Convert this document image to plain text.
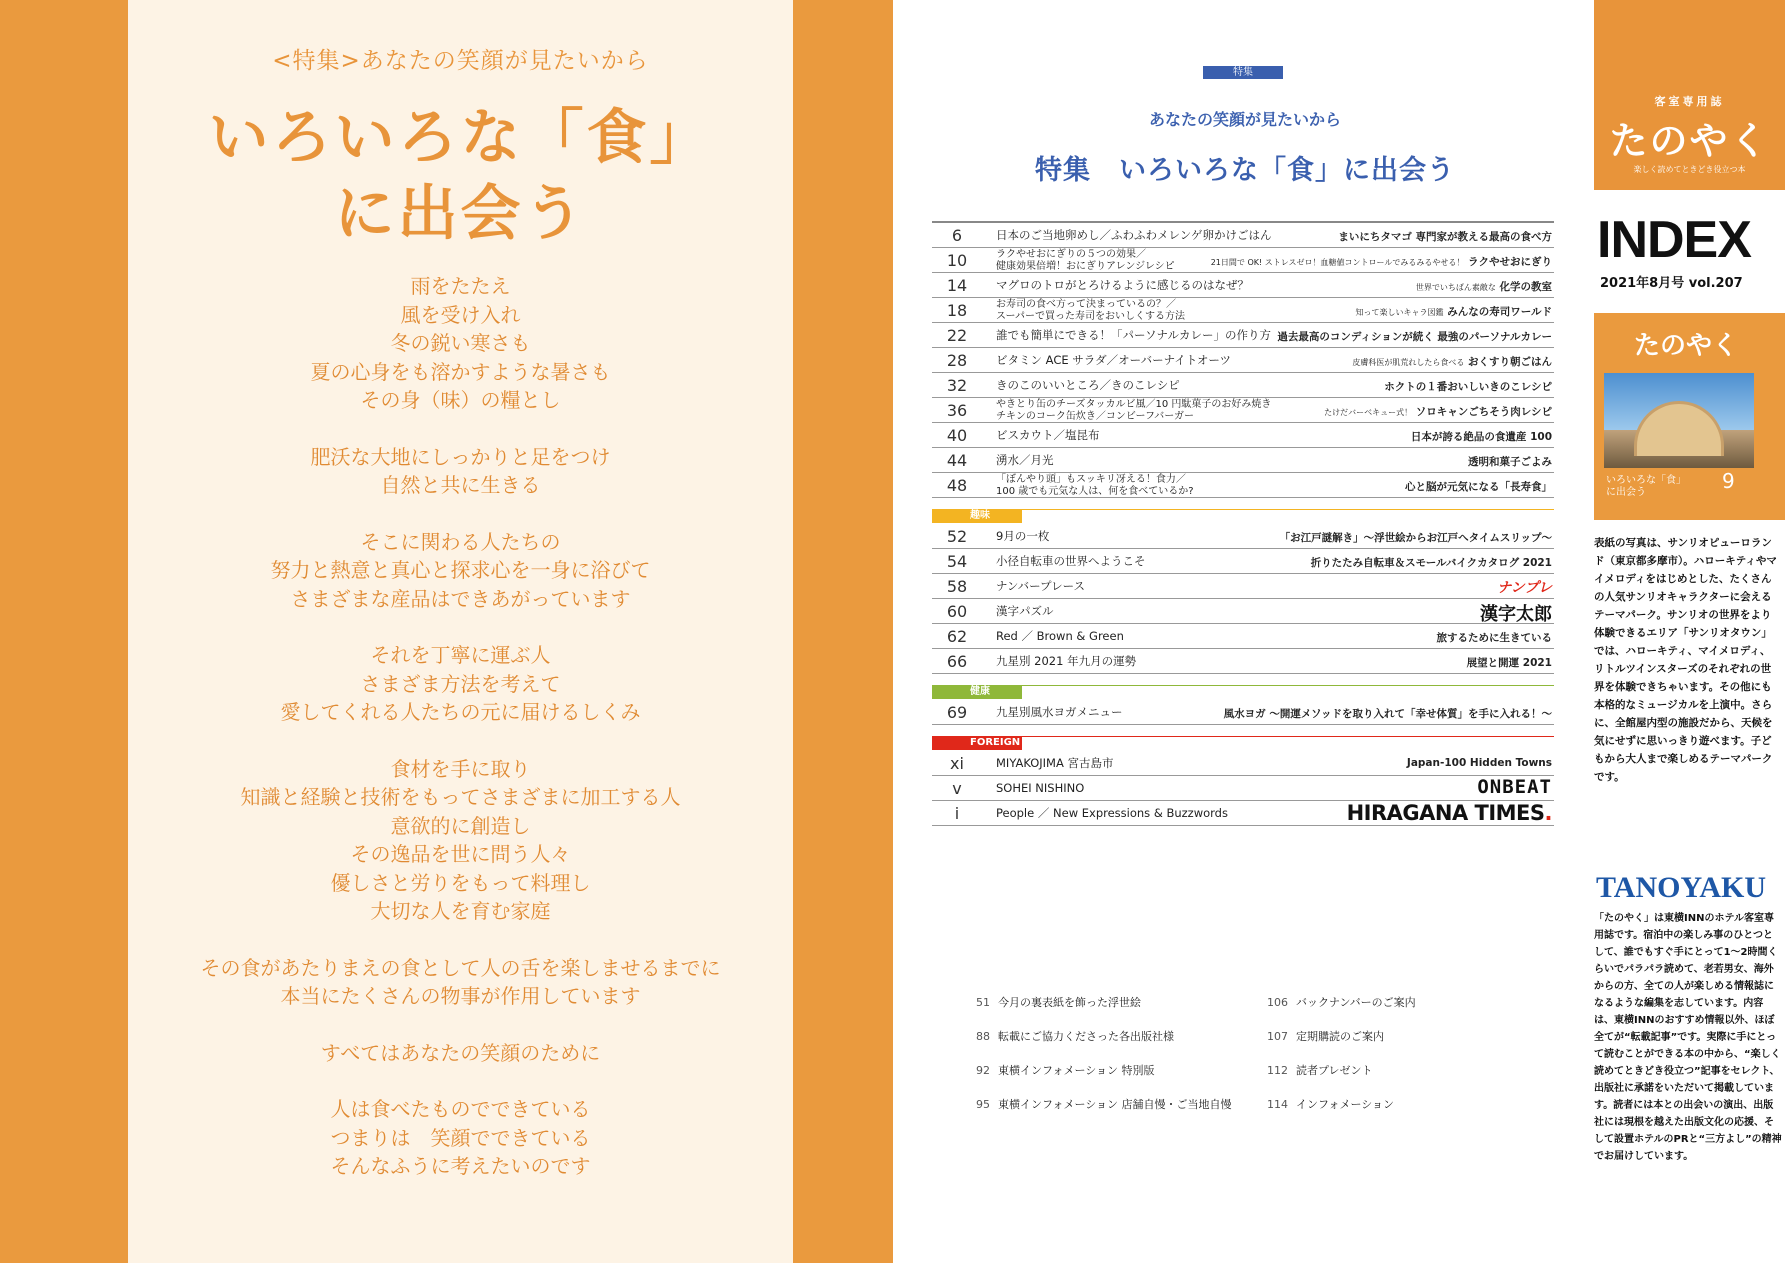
<特集>あなたの笑顔が見たいから
いろいろな「食」
に出会う
雨をたたえ
風を受け入れ
冬の鋭い寒さも
夏の心身をも溶かすような暑さも
その身（味）の糧とし
肥沃な大地にしっかりと足をつけ
自然と共に生きる
そこに関わる人たちの
努力と熱意と真心と探求心を一身に浴びて
さまざまな産品はできあがっています
それを丁寧に運ぶ人
さまざま方法を考えて
愛してくれる人たちの元に届けるしくみ
食材を手に取り
知識と経験と技術をもってさまざまに加工する人
意欲的に創造し
その逸品を世に問う人々
優しさと労りをもって料理し
大切な人を育む家庭
その食があたりまえの食として人の舌を楽しませるまでに
本当にたくさんの物事が作用しています
すべてはあなたの笑顔のために
人は食べたものでできている
つまりは　笑顔でできている
そんなふうに考えたいのです
特集
あなたの笑顔が見たいから
特集　いろいろな「食」に出会う
6	日本のご当地卵めし／ふわふわメレンゲ卵かけごはん	まいにちタマゴ 専門家が教える最高の食べ方
10	ラクやせおにぎりの５つの効果／
健康効果倍増！おにぎりアレンジレシピ	21日間で OK! ストレスゼロ！血糖値コントロールでみるみるやせる！ ラクやせおにぎり
14	マグロのトロがとろけるように感じるのはなぜ？	世界でいちばん素敵な 化学の教室
18	お寿司の食べ方って決まっているの？／
スーパーで買った寿司をおいしくする方法	知って楽しいキャラ図鑑 みんなの寿司ワールド
22	誰でも簡単にできる！「パーソナルカレー」の作り方 過去最高のコンディションが続く 最強のパーソナルカレー
28	ビタミン ACE サラダ／オーバーナイトオーツ	皮膚科医が肌荒れしたら食べる おくすり朝ごはん
32	きのこのいいところ／きのこレシピ	ホクトの１番おいしいきのこレシピ
36	やきとり缶のチーズタッカルビ風／10 円駄菓子のお好み焼き
チキンのコーク缶炊き／コンビーフバーガー	たけだバーベキュー式！ ソロキャンごちそう肉レシピ
40	ビスカウト／塩昆布	日本が誇る絶品の食遺産 100
44	湧水／月光	透明和菓子ごよみ
48	「ぼんやり頭」もスッキリ冴える！食力／
100 歳でも元気な人は、何を食べているか?	心と脳が元気になる「長寿食」
趣味
52	9月の一枚	「お江戸謎解き」〜浮世絵からお江戸へタイムスリップ〜
54	小径自転車の世界へようこそ	折りたたみ自転車＆スモールバイクカタログ 2021
58	ナンバープレース	ナンプレ
60	漢字パズル	漢字太郎
62	Red ／ Brown & Green	旅するために生きている
66	九星別 2021 年九月の運勢	展望と開運 2021
健康
69	九星別風水ヨガメニュー	風水ヨガ 〜開運メソッドを取り入れて「幸せ体質」を手に入れる！〜
FOREIGN
xi	MIYAKOJIMA 宮古島市	Japan-100 Hidden Towns
v	SOHEI NISHINO	ONBEAT
i	People ／ New Expressions & Buzzwords	HIRAGANA TIMES.
51 今月の裏表紙を飾った浮世絵
88 転載にご協力くださった各出版社様
92 東横インフォメーション 特別版
95 東横インフォメーション 店舗自慢・ご当地自慢
106 バックナンバーのご案内
107 定期購読のご案内
112 読者プレゼント
114 インフォメーション
客室専用誌
たのやく
楽しく読めてときどき役立つ本
INDEX
2021年8月号 vol.207
たのやく
いろいろな「食」
に出会う	9
表紙の写真は、サンリオピューロランド（東京都多摩市）。ハローキティやマイメロディをはじめとした、たくさんの人気サンリオキャラクターに会えるテーマパーク。サンリオの世界をより体験できるエリア「サンリオタウン」では、ハローキティ、マイメロディ、リトルツインスターズのそれぞれの世界を体験できちゃいます。その他にも本格的なミュージカルを上演中。さらに、全館屋内型の施設だから、天候を気にせずに思いっきり遊べます。子どもから大人まで楽しめるテーマパークです。
TANOYAKU
「たのやく」は東横INNのホテル客室専用誌です。宿泊中の楽しみ事のひとつとして、誰でもすぐ手にとって1〜2時間くらいでパラパラ読めて、老若男女、海外からの方、全ての人が楽しめる情報誌になるような編集を志しています。内容は、東横INNのおすすめ情報以外、ほぼ全てが“転載記事”です。実際に手にとって読むことができる本の中から、“楽しく読めてときどき役立つ”記事をセレクト、出版社に承諾をいただいて掲載しています。読者には本との出会いの演出、出版社には現根を越えた出版文化の応援、そして設置ホテルのPRと“三方よし”の精神でお届けしています。
